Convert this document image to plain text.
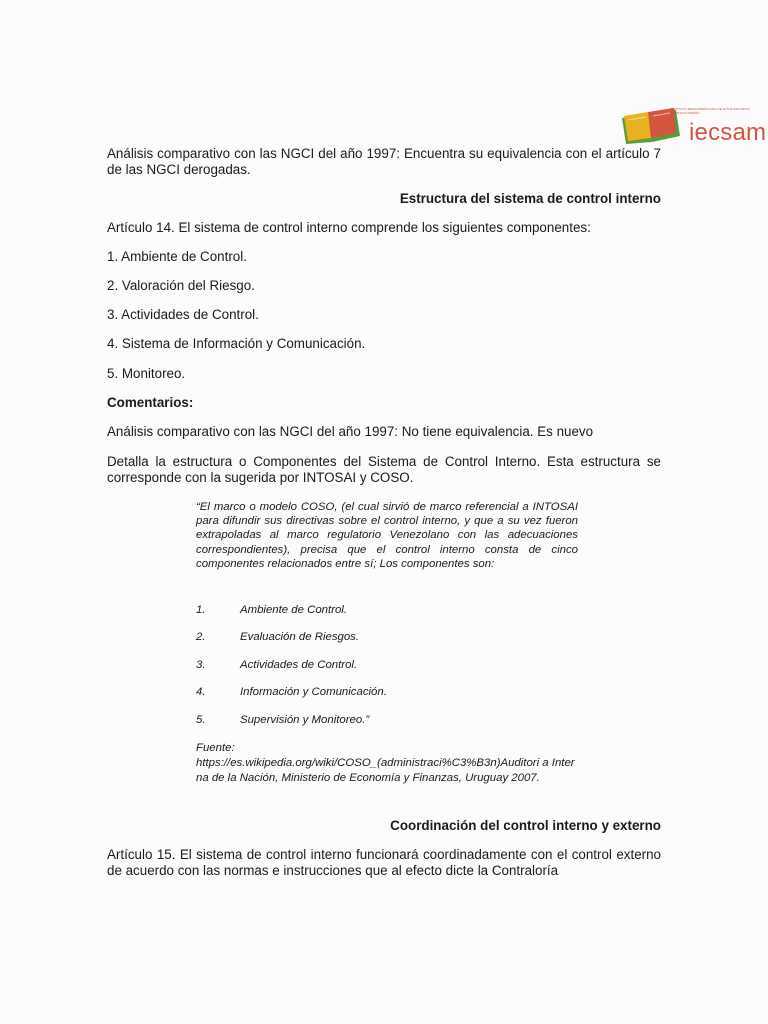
INSTITUTO IBEROAMERICANO DE ALTOS ESTUDIOS SANTIAGO MARIÑO
iecsam
Análisis comparativo con las NGCI del año 1997: Encuentra su equivalencia con el artículo 7 de las NGCI derogadas.
Estructura del sistema de control interno
Artículo 14. El sistema de control interno comprende los siguientes componentes:
1. Ambiente de Control.
2. Valoración del Riesgo.
3. Actividades de Control.
4. Sistema de Información y Comunicación.
5. Monitoreo.
Comentarios:
Análisis comparativo con las NGCI del año 1997: No tiene equivalencia. Es nuevo
Detalla la estructura o Componentes del Sistema de Control Interno. Esta estructura se corresponde con la sugerida por INTOSAI y COSO.
“El marco o modelo COSO, (el cual sirvió de marco referencial a INTOSAI para difundir sus directivas sobre el control interno, y que a su vez fueron extrapoladas al marco regulatorio Venezolano con las adecuaciones correspondientes), precisa que el control interno consta de cinco componentes relacionados entre sí; Los componentes son:
1.	Ambiente de Control.
2.	Evaluación de Riesgos.
3.	Actividades de Control.
4.	Información y Comunicación.
5.	Supervisión y Monitoreo.”
Fuente:
https://es.wikipedia.org/wiki/COSO_(administraci%C3%B3n)Auditori a Interna de la Nación, Ministerio de Economía y Finanzas, Uruguay 2007.
Coordinación del control interno y externo
Artículo 15. El sistema de control interno funcionará coordinadamente con el control externo de acuerdo con las normas e instrucciones que al efecto dicte la Contraloría
